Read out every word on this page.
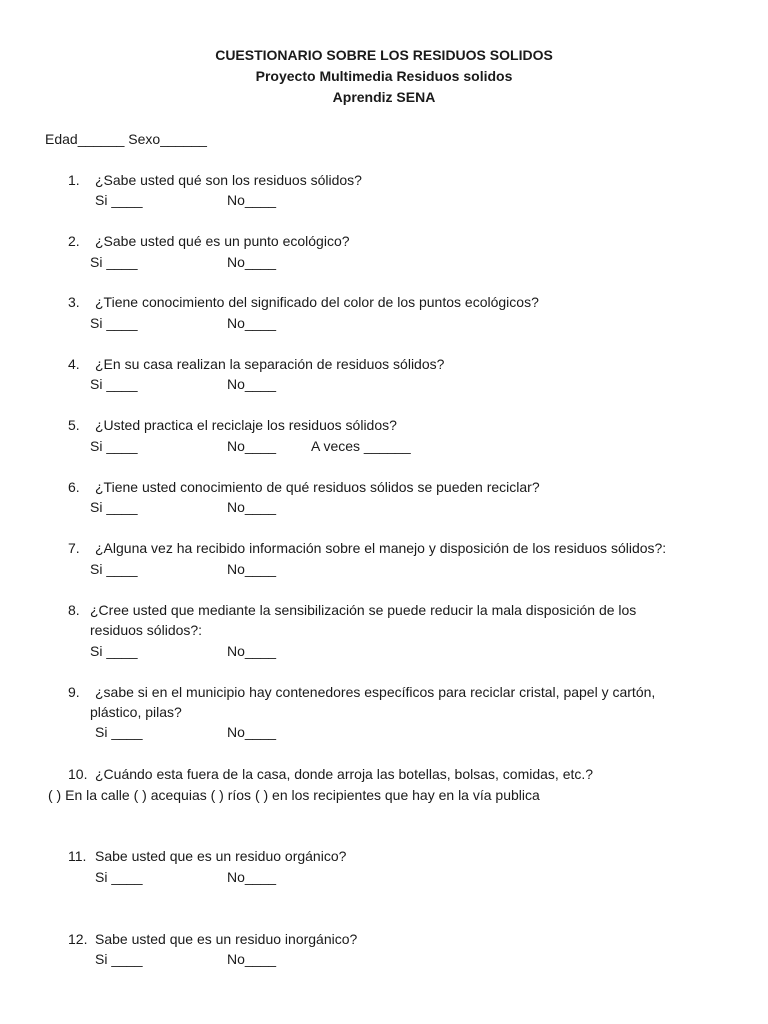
CUESTIONARIO SOBRE LOS RESIDUOS SOLIDOS
Proyecto Multimedia Residuos solidos
Aprendiz SENA
Edad______ Sexo______
1. ¿Sabe usted qué son los residuos sólidos?
Si ____	No____
2. ¿Sabe usted qué es un punto ecológico?
Si ____	No____
3. ¿Tiene conocimiento del significado del color de los puntos ecológicos?
Si ____	No____
4. ¿En su casa realizan la separación de residuos sólidos?
Si ____	No____
5. ¿Usted practica el reciclaje los residuos sólidos?
Si ____	No____ A veces ______
6. ¿Tiene usted conocimiento de qué residuos sólidos se pueden reciclar?
Si ____	No____
7. ¿Alguna vez ha recibido información sobre el manejo y disposición de los residuos sólidos?:
Si ____	No____
8. ¿Cree usted que mediante la sensibilización se puede reducir la mala disposición de los
residuos sólidos?:
Si ____	No____
9. ¿sabe si en el municipio hay contenedores específicos para reciclar cristal, papel y cartón,
plástico, pilas?
Si ____	No____
10. ¿Cuándo esta fuera de la casa, donde arroja las botellas, bolsas, comidas, etc.?
( ) En la calle ( ) acequias ( ) ríos ( ) en los recipientes que hay en la vía publica
11. Sabe usted que es un residuo orgánico?
Si ____	No____
12. Sabe usted que es un residuo inorgánico?
Si ____	No____
